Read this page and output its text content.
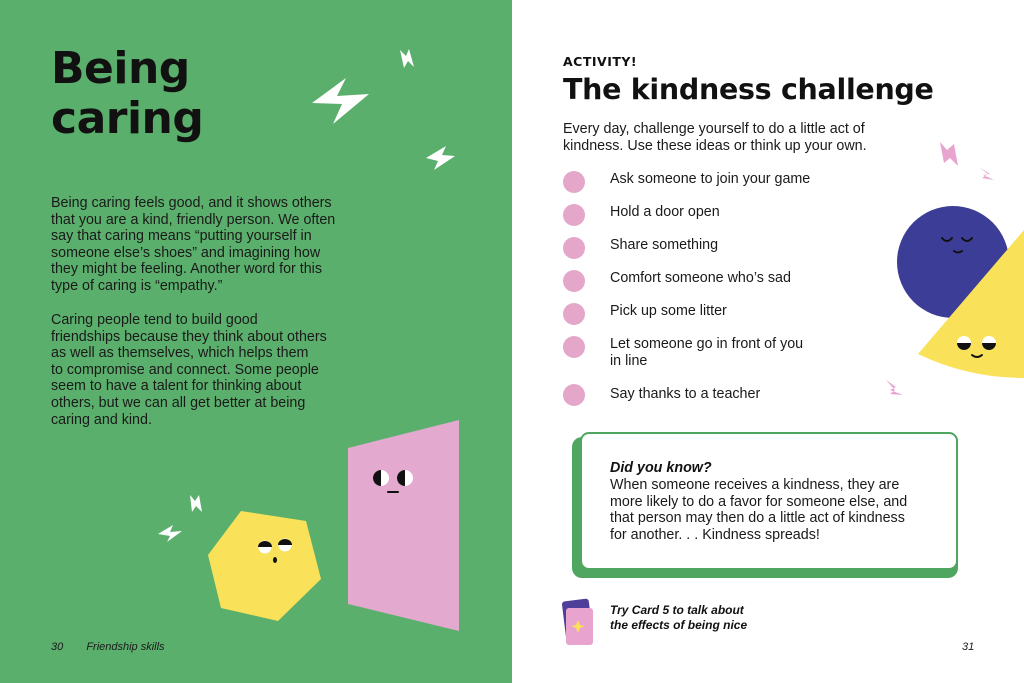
Being
caring

Being caring feels good, and it shows others
that you are a kind, friendly person. We often
say that caring means “putting yourself in
someone else’s shoes” and imagining how
they might be feeling. Another word for this
type of caring is “empathy.”

Caring people tend to build good
friendships because they think about others
as well as themselves, which helps them
to compromise and connect. Some people
seem to have a talent for thinking about
others, but we can all get better at being
caring and kind.

30 Friendship skills
ACTIVITY!
The kindness challenge

Every day, challenge yourself to do a little act of
kindness. Use these ideas or think up your own.

Ask someone to join your game
Hold a door open
Share something
Comfort someone who’s sad
Pick up some litter
Let someone go in front of you
in line
Say thanks to a teacher
Did you know?

When someone receives a kindness, they are
more likely to do a favor for someone else, and
that person may then do a little act of kindness
for another. . . Kindness spreads!

Try Card 5 to talk about
the effects of being nice

31
